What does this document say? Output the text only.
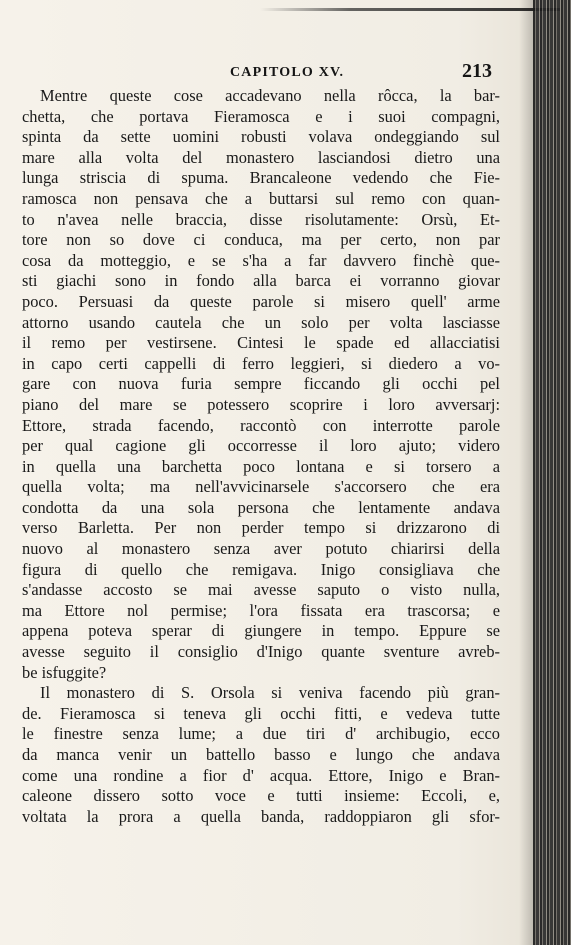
CAPITOLO XV.	213
Mentre queste cose accadevano nella rôcca, la bar-
chetta, che portava Fieramosca e i suoi compagni,
spinta da sette uomini robusti volava ondeggiando sul
mare alla volta del monastero lasciandosi dietro una
lunga striscia di spuma. Brancaleone vedendo che Fie-
ramosca non pensava che a buttarsi sul remo con quan-
to n'avea nelle braccia, disse risolutamente: Orsù, Et-
tore non so dove ci conduca, ma per certo, non par
cosa da motteggio, e se s'ha a far davvero finchè que-
sti giachi sono in fondo alla barca ei vorranno giovar
poco. Persuasi da queste parole si misero quell' arme
attorno usando cautela che un solo per volta lasciasse
il remo per vestirsene. Cintesi le spade ed allacciatisi
in capo certi cappelli di ferro leggieri, si diedero a vo-
gare con nuova furia sempre ficcando gli occhi pel
piano del mare se potessero scoprire i loro avversarj:
Ettore, strada facendo, raccontò con interrotte parole
per qual cagione gli occorresse il loro ajuto; videro
in quella una barchetta poco lontana e si torsero a
quella volta; ma nell'avvicinarsele s'accorsero che era
condotta da una sola persona che lentamente andava
verso Barletta. Per non perder tempo si drizzarono di
nuovo al monastero senza aver potuto chiarirsi della
figura di quello che remigava. Inigo consigliava che
s'andasse accosto se mai avesse saputo o visto nulla,
ma Ettore nol permise; l'ora fissata era trascorsa; e
appena poteva sperar di giungere in tempo. Eppure se
avesse seguito il consiglio d'Inigo quante sventure avreb-
be isfuggite?
Il monastero di S. Orsola si veniva facendo più gran-
de. Fieramosca si teneva gli occhi fitti, e vedeva tutte
le finestre senza lume; a due tiri d' archibugio, ecco
da manca venir un battello basso e lungo che andava
come una rondine a fior d' acqua. Ettore, Inigo e Bran-
caleone dissero sotto voce e tutti insieme: Eccoli, e,
voltata la prora a quella banda, raddoppiaron gli sfor-
